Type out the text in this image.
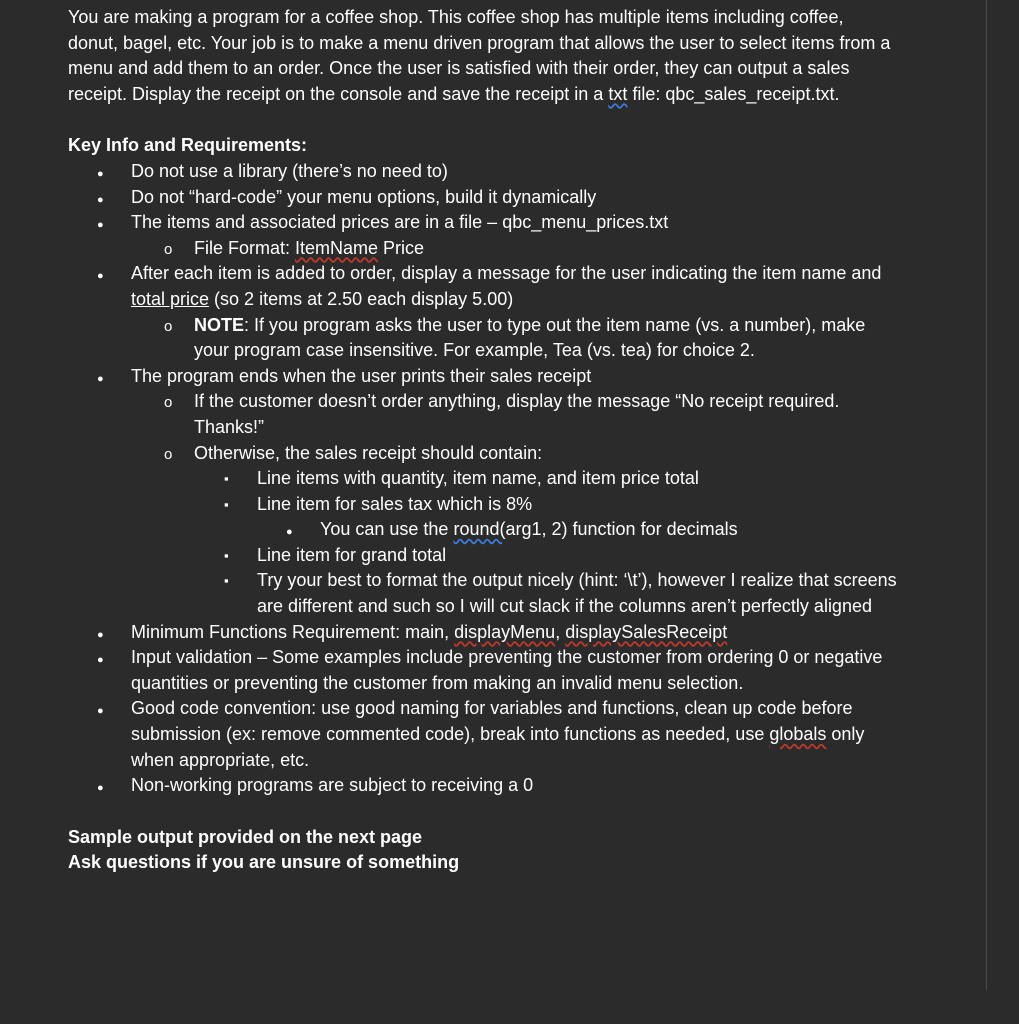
You are making a program for a coffee shop. This coffee shop has multiple items including coffee, donut, bagel, etc. Your job is to make a menu driven program that allows the user to select items from a menu and add them to an order. Once the user is satisfied with their order, they can output a sales receipt. Display the receipt on the console and save the receipt in a txt file: qbc_sales_receipt.txt.

Key Info and Requirements:

●
Do not use a library (there’s no need to)
●
Do not “hard-code” your menu options, build it dynamically
●
The items and associated prices are in a file – qbc_menu_prices.txt
o
File Format: ItemName Price
●
After each item is added to order, display a message for the user indicating the item name and total price (so 2 items at 2.50 each display 5.00)
o
NOTE: If you program asks the user to type out the item name (vs. a number), make your program case insensitive. For example, Tea (vs. tea) for choice 2.
●
The program ends when the user prints their sales receipt
o
If the customer doesn’t order anything, display the message “No receipt required. Thanks!”
o
Otherwise, the sales receipt should contain:
▪
Line items with quantity, item name, and item price total
▪
Line item for sales tax which is 8%
●
You can use the round(arg1, 2) function for decimals
▪
Line item for grand total
▪
Try your best to format the output nicely (hint: ‘\t’), however I realize that screens are different and such so I will cut slack if the columns aren’t perfectly aligned
●
Minimum Functions Requirement: main, displayMenu, displaySalesReceipt
●
Input validation – Some examples include preventing the customer from ordering 0 or negative quantities or preventing the customer from making an invalid menu selection.
●
Good code convention: use good naming for variables and functions, clean up code before submission (ex: remove commented code), break into functions as needed, use globals only when appropriate, etc.
●
Non-working programs are subject to receiving a 0

Sample output provided on the next page

Ask questions if you are unsure of something
